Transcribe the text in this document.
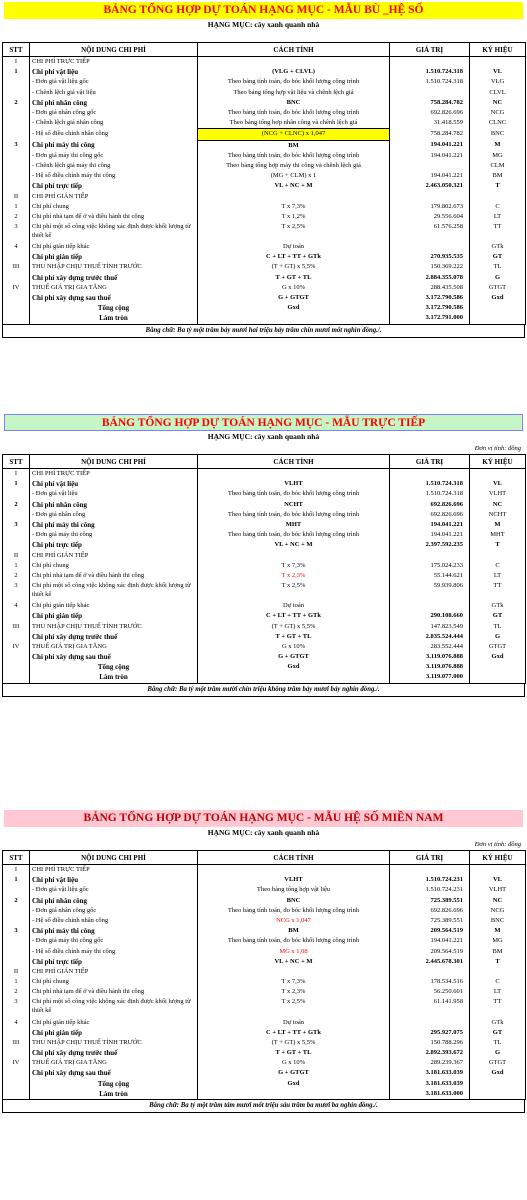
BẢNG TỔNG HỢP DỰ TOÁN HẠNG MỤC - MẪU BÙ _HỆ SỐ
HẠNG MỤC: cây xanh quanh nhà
STT	NỘI DUNG CHI PHÍ	CÁCH TÍNH	GIÁ TRỊ	KÝ HIỆU
I	CHI PHÍ TRỰC TIẾP			
1	Chi phí vật liệu	(VLG + CLVL)	1.510.724.318	VL
	- Đơn giá vật liệu gốc	Theo bảng tính toán, đo bóc khối lượng công trình	1.510.724.318	VLG
	- Chênh lệch giá vật liệu	Theo bảng tổng hợp vật liệu và chênh lệch giá		CLVL
2	Chi phí nhân công	BNC	758.284.782	NC
	- Đơn giá nhân công gốc	Theo bảng tính toán, đo bóc khối lượng công trình	692.826.696	NCG
	- Chênh lệch giá nhân công	Theo bảng tổng hợp nhân công và chênh lệch giá	31.418.559	CLNC
	- Hệ số điều chỉnh nhân công	(NCG + CLNC) x 1,047	758.284.782	BNC
3	Chi phí máy thi công	BM	194.041.221	M
	- Đơn giá máy thi công gốc	Theo bảng tính toán, đo bóc khối lượng công trình	194.041.221	MG
	- Chênh lệch giá máy thi công	Theo bảng tổng hợp máy thi công và chênh lệch giá		CLM
	- Hệ số điều chỉnh máy thi công	(MG + CLM) x 1	194.041.221	BM
	Chi phí trực tiếp	VL + NC + M	2.463.050.321	T
II	CHI PHÍ GIÁN TIẾP			
1	Chi phí chung	T x 7,3%	179.802.673	C
2	Chi phí nhà tạm để ở và điều hành thi công	T x 1,2%	29.556.604	LT
3	Chi phí một số công việc không xác định được khối lượng từ thiết kế	T x 2,5%	61.576.258	TT
4	Chi phí gián tiếp khác	Dự toán		GTk
	Chi phí gián tiếp	C + LT + TT + GTk	270.935.535	GT
III	THU NHẬP CHỊU THUẾ TÍNH TRƯỚC	(T + GT) x 5,5%	150.369.222	TL
	Chi phí xây dựng trước thuế	T + GT + TL	2.884.355.078	G
IV	THUẾ GIÁ TRỊ GIA TĂNG	G x 10%	288.435.508	GTGT
	Chi phí xây dựng sau thuế	G + GTGT	3.172.790.586	Gxd
	Tổng cộng	Gxd	3.172.790.586	
	Làm tròn		3.172.791.000	
Bằng chữ: Ba tỷ một trăm bảy mươi hai triệu bảy trăm chín mươi mốt nghìn đồng./.
BẢNG TỔNG HỢP DỰ TOÁN HẠNG MỤC - MẪU TRỰC TIẾP
HẠNG MỤC: cây xanh quanh nhà
Đơn vị tính: đồng
STT	NỘI DUNG CHI PHÍ	CÁCH TÍNH	GIÁ TRỊ	KÝ HIỆU
I	CHI PHÍ TRỰC TIẾP			
1	Chi phí vật liệu	VLHT	1.510.724.318	VL
	- Đơn giá vật liệu	Theo bảng tính toán, đo bóc khối lượng công trình	1.510.724.318	VLHT
2	Chi phí nhân công	NCHT	692.826.696	NC
	- Đơn giá nhân công	Theo bảng tính toán, đo bóc khối lượng công trình	692.826.696	NCHT
3	Chi phí máy thi công	MHT	194.041.221	M
	- Đơn giá máy thi công	Theo bảng tính toán, đo bóc khối lượng công trình	194.041.221	MHT
	Chi phí trực tiếp	VL + NC + M	2.397.592.235	T
II	CHI PHÍ GIÁN TIẾP			
1	Chi phí chung	T x 7,3%	175.024.233	C
2	Chi phí nhà tạm để ở và điều hành thi công	T x 2,3%	55.144.621	LT
3	Chi phí một số công việc không xác định được khối lượng từ thiết kế	T x 2,5%	59.939.806	TT
4	Chi phí gián tiếp khác	Dự toán		GTk
	Chi phí gián tiếp	C + LT + TT + GTk	290.108.660	GT
III	THU NHẬP CHỊU THUẾ TÍNH TRƯỚC	(T + GT) x 5,5%	147.823.549	TL
	Chi phí xây dựng trước thuế	T + GT + TL	2.835.524.444	G
IV	THUẾ GIÁ TRỊ GIA TĂNG	G x 10%	283.552.444	GTGT
	Chi phí xây dựng sau thuế	G + GTGT	3.119.076.888	Gxd
	Tổng cộng	Gxd	3.119.076.888	
	Làm tròn		3.119.077.000	
Bằng chữ: Ba tỷ một trăm mười chín triệu không trăm bảy mươi bảy nghìn đồng./.
BẢNG TỔNG HỢP DỰ TOÁN HẠNG MỤC - MẪU HỆ SỐ MIỀN NAM
HẠNG MỤC: cây xanh quanh nhà
Đơn vị tính: đồng
STT	NỘI DUNG CHI PHÍ	CÁCH TÍNH	GIÁ TRỊ	KÝ HIỆU
I	CHI PHÍ TRỰC TIẾP			
1	Chi phí vật liệu	VLHT	1.510.724.231	VL
	- Đơn giá vật liệu gốc	Theo bảng tổng hợp vật liệu	1.510.724.231	VLHT
2	Chi phí nhân công	BNC	725.389.551	NC
	- Đơn giá nhân công gốc	Theo bảng tính toán, đo bóc khối lượng công trình	692.826.696	NCG
	- Hệ số điều chỉnh nhân công	NCG x 1,047	725.389.551	BNC
3	Chi phí máy thi công	BM	209.564.519	M
	- Đơn giá máy thi công gốc	Theo bảng tính toán, đo bóc khối lượng công trình	194.041.221	MG
	- Hệ số điều chỉnh máy thi công	MG x 1,08	209.564.519	BM
	Chi phí trực tiếp	VL + NC + M	2.445.678.301	T
II	CHI PHÍ GIÁN TIẾP			
1	Chi phí chung	T x 7,3%	178.534.516	C
2	Chi phí nhà tạm để ở và điều hành thi công	T x 2,3%	56.250.601	LT
3	Chi phí một số công việc không xác định được khối lượng từ thiết kế	T x 2,5%	61.141.958	TT
4	Chi phí gián tiếp khác	Dự toán		GTk
	Chi phí gián tiếp	C + LT + TT + GTk	295.927.075	GT
III	THU NHẬP CHỊU THUẾ TÍNH TRƯỚC	(T + GT) x 5,5%	150.788.296	TL
	Chi phí xây dựng trước thuế	T + GT + TL	2.892.393.672	G
IV	THUẾ GIÁ TRỊ GIA TĂNG	G x 10%	289.239.367	GTGT
	Chi phí xây dựng sau thuế	G + GTGT	3.181.633.039	Gxd
	Tổng cộng	Gxd	3.181.633.039	
	Làm tròn		3.181.633.000	
Bằng chữ: Ba tỷ một trăm tám mươi mốt triệu sáu trăm ba mươi ba nghìn đồng./.
